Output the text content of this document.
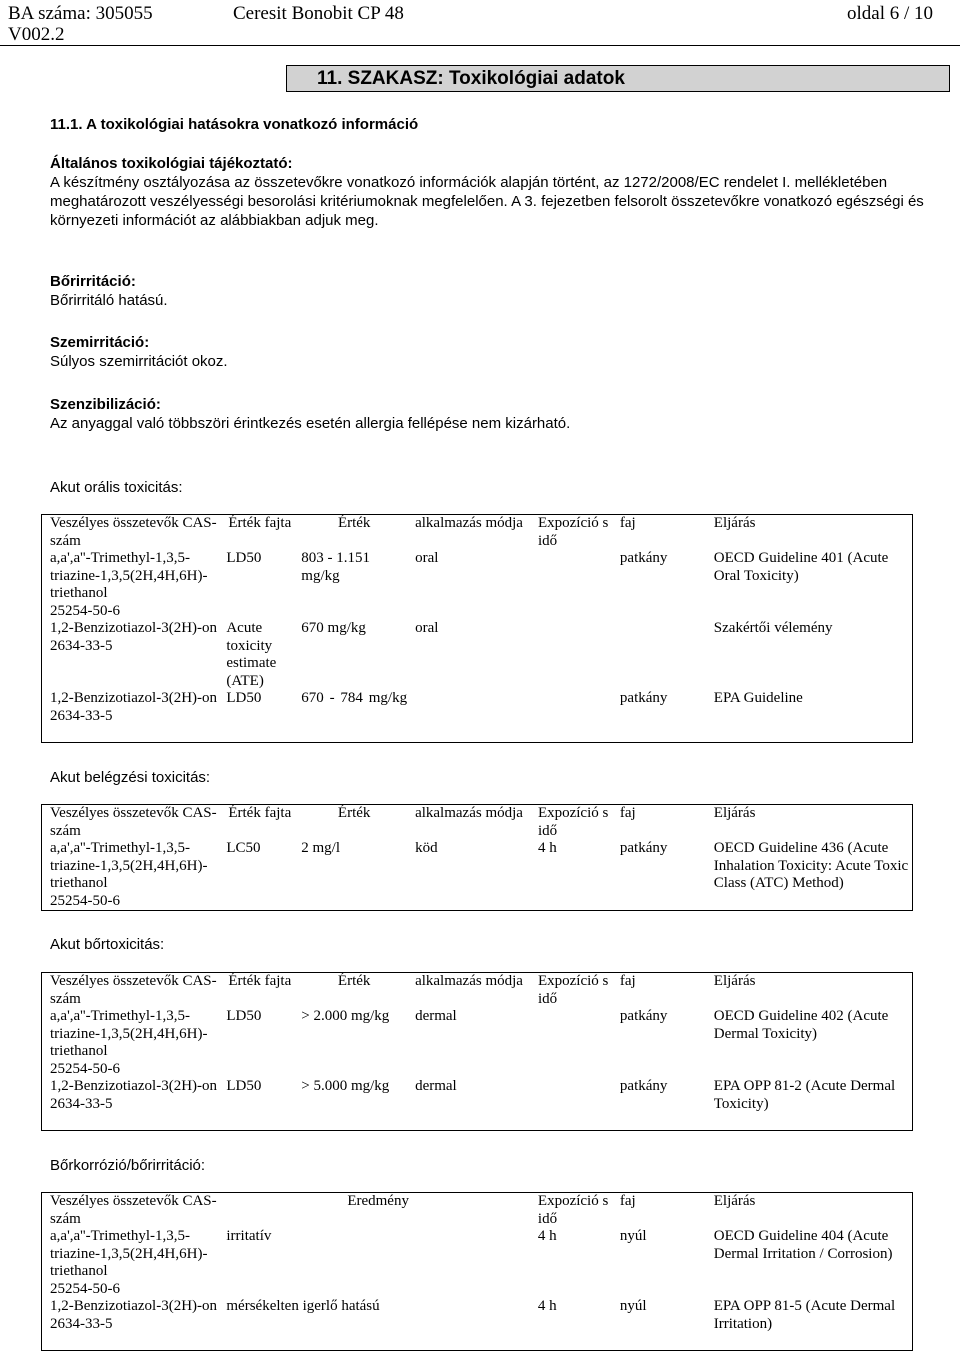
BA száma: 305055
V002.2
Ceresit Bonobit CP 48	oldal 6 / 10
11. SZAKASZ: Toxikológiai adatok
11.1. A toxikológiai hatásokra vonatkozó információ
Általános toxikológiai tájékoztató:
A készítmény osztályozása az összetevőkre vonatkozó információk alapján történt, az 1272/2008/EC rendelet I. mellékletében meghatározott veszélyességi besorolási kritériumoknak megfelelően. A 3. fejezetben felsorolt összetevőkre vonatkozó egészségi és környezeti információt az alábbiakban adjuk meg.
Bőrirritáció:
Bőrirritáló hatású.
Szemirritáció:
Súlyos szemirritációt okoz.
Szenzibilizáció:
Az anyaggal való többszöri érintkezés esetén allergia fellépése nem kizárható.
Akut orális toxicitás:
Veszélyes összetevők CAS-szám	Érték fajta	Érték	alkalmazás módja	Expozíció s idő	faj	Eljárás

a,a',a''-Trimethyl-1,3,5-triazine-1,3,5(2H,4H,6H)-triethanol
25254-50-6	LD50	803 - 1.151 mg/kg	oral		patkány	OECD Guideline 401 (Acute Oral Toxicity)

1,2-Benzizotiazol-3(2H)-on
2634-33-5	Acute toxicity estimate (ATE)	670 mg/kg	oral			Szakértői vélemény

1,2-Benzizotiazol-3(2H)-on
2634-33-5	LD50	670 - 784 mg/kg			patkány	EPA Guideline
Akut belégzési toxicitás:
Veszélyes összetevők CAS-szám	Érték fajta	Érték	alkalmazás módja	Expozíció s idő	faj	Eljárás

a,a',a''-Trimethyl-1,3,5-triazine-1,3,5(2H,4H,6H)-triethanol
25254-50-6	LC50	2 mg/l	köd	4 h	patkány	OECD Guideline 436 (Acute Inhalation Toxicity: Acute Toxic Class (ATC) Method)
Akut bőrtoxicitás:
Veszélyes összetevők CAS-szám	Érték fajta	Érték	alkalmazás módja	Expozíció s idő	faj	Eljárás

a,a',a''-Trimethyl-1,3,5-triazine-1,3,5(2H,4H,6H)-triethanol
25254-50-6	LD50	> 2.000 mg/kg	dermal		patkány	OECD Guideline 402 (Acute Dermal Toxicity)

1,2-Benzizotiazol-3(2H)-on
2634-33-5	LD50	> 5.000 mg/kg	dermal		patkány	EPA OPP 81-2 (Acute Dermal Toxicity)
Bőrkorrózió/bőrirritáció:
Veszélyes összetevők CAS-szám	Eredmény	Expozíció s idő	faj	Eljárás

a,a',a''-Trimethyl-1,3,5-triazine-1,3,5(2H,4H,6H)-triethanol
25254-50-6	irritatív	4 h	nyúl	OECD Guideline 404 (Acute Dermal Irritation / Corrosion)

1,2-Benzizotiazol-3(2H)-on
2634-33-5	mérsékelten igerlő hatású	4 h	nyúl	EPA OPP 81-5 (Acute Dermal Irritation)
